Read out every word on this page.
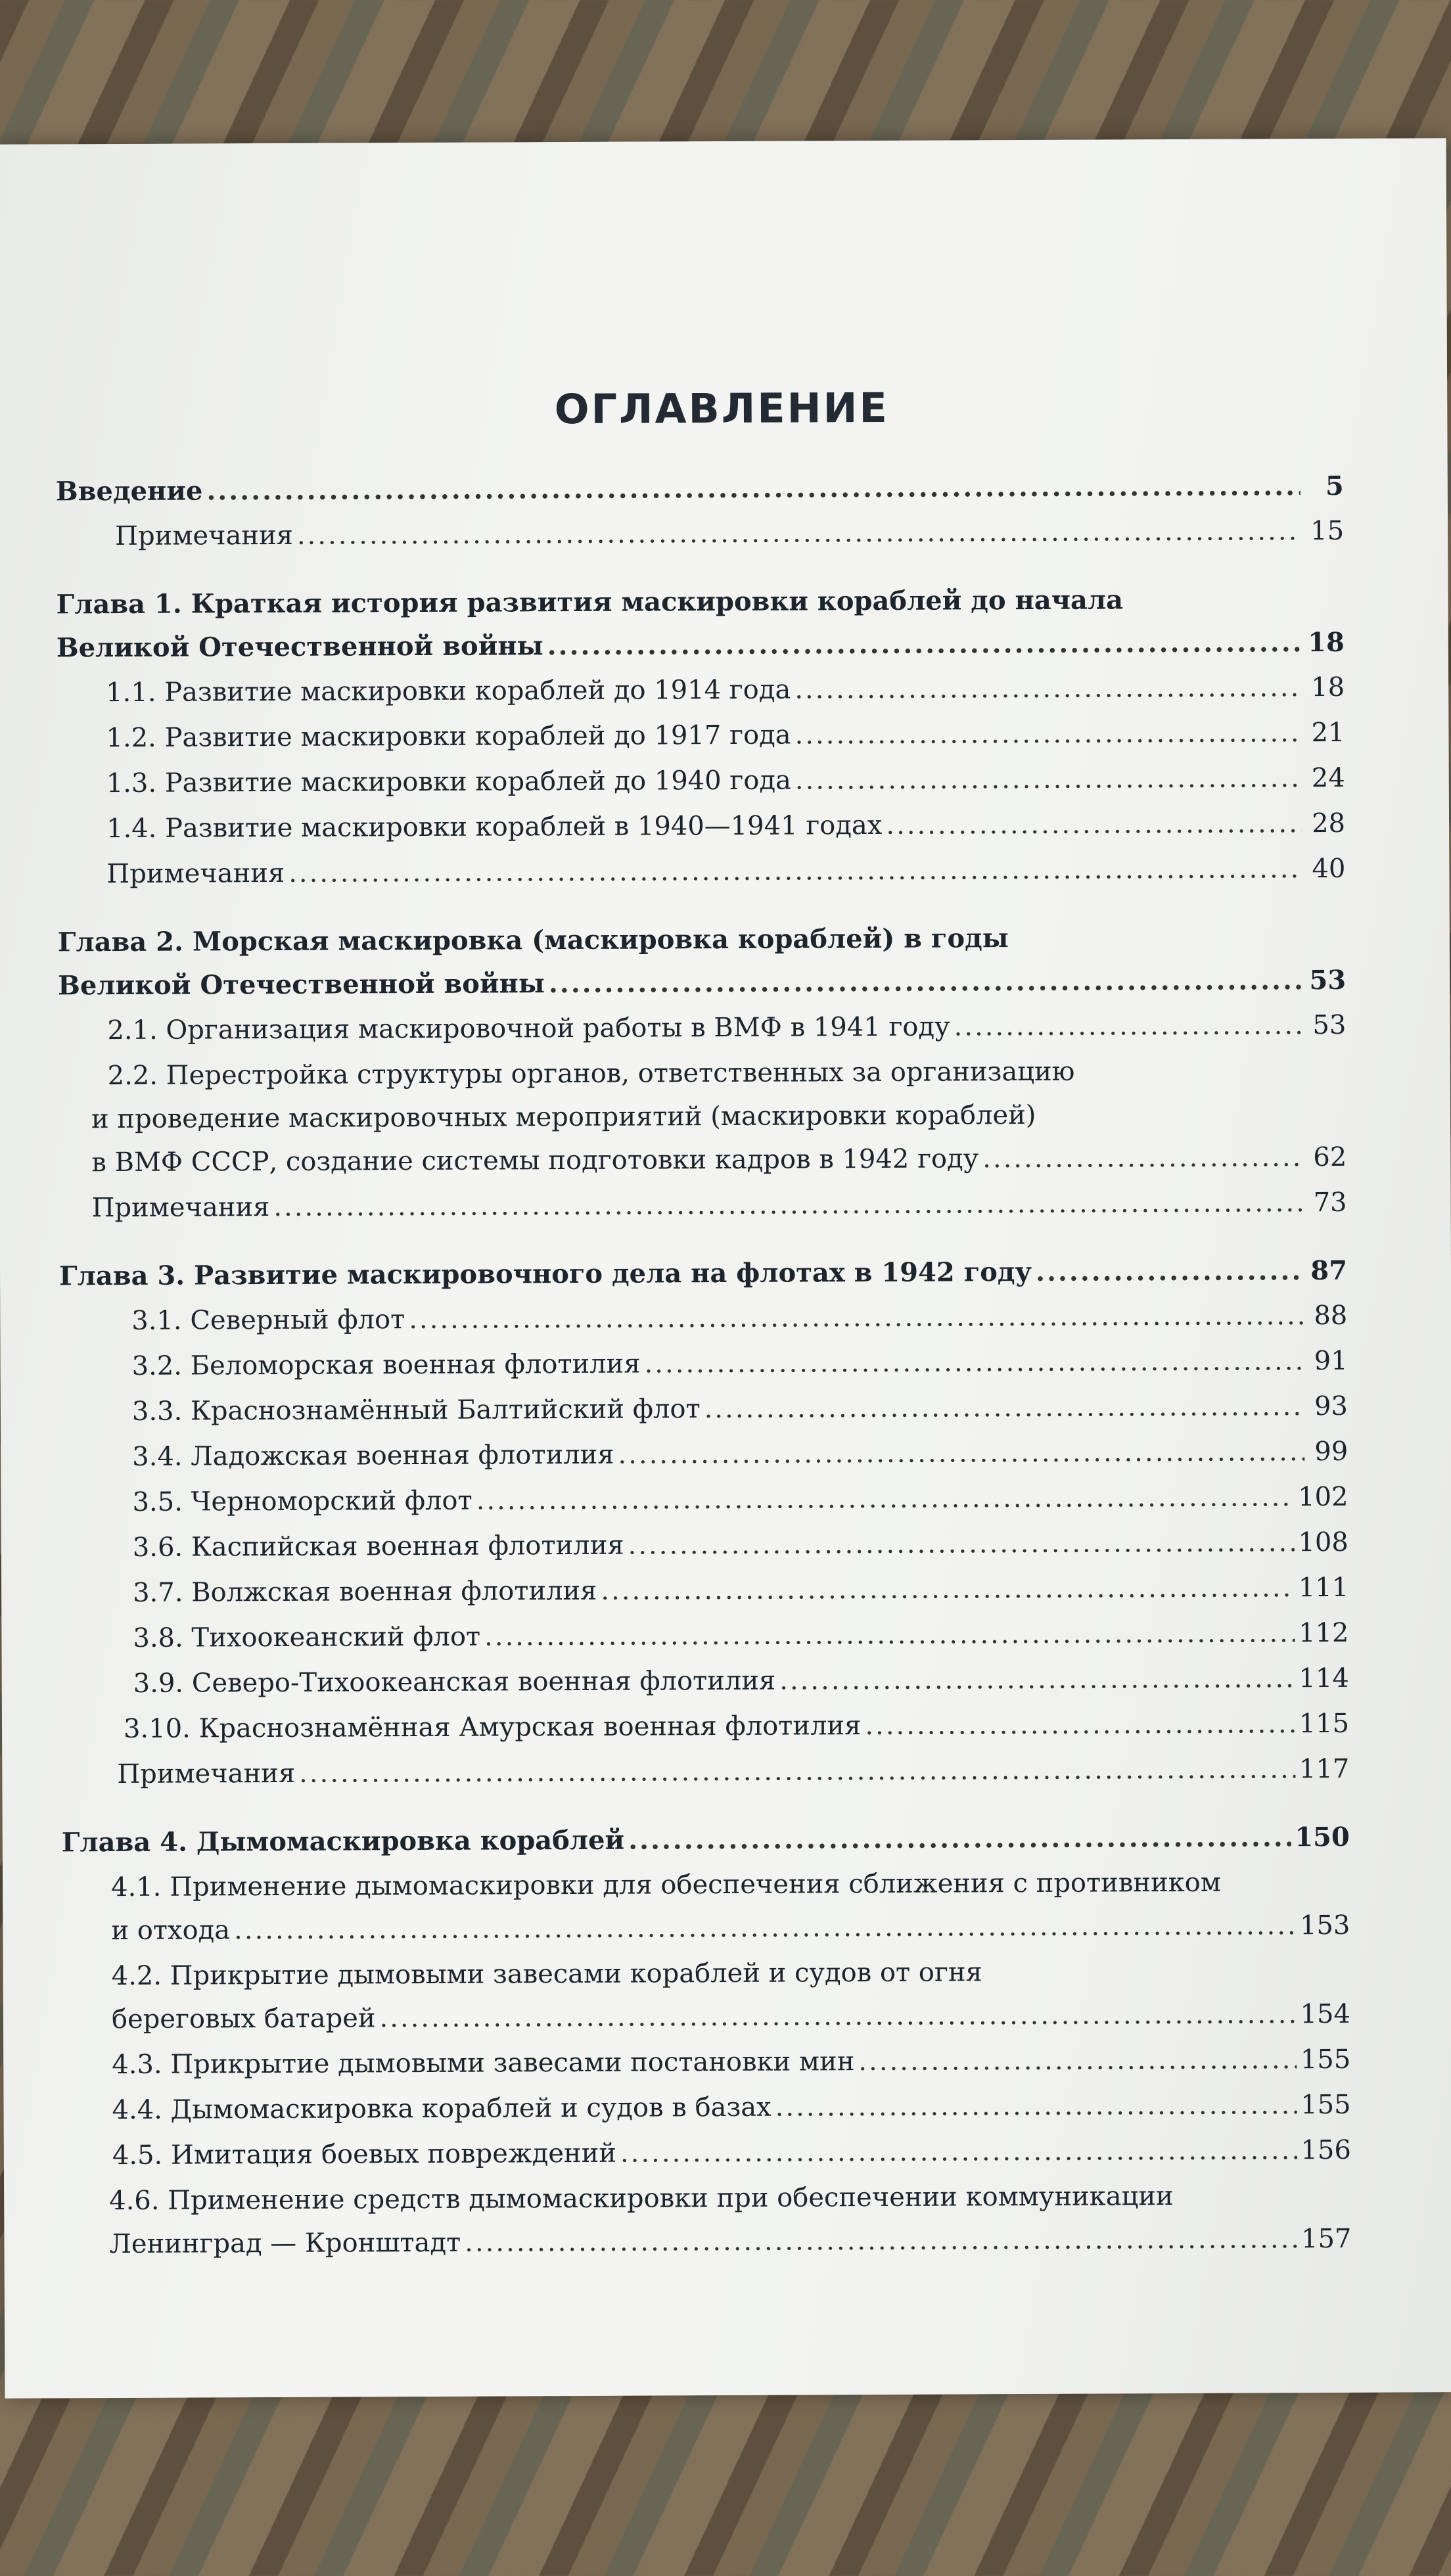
ОГЛАВЛЕНИЕ
Введение .....	5
Примечания .....	15
Глава 1. Краткая история развития маскировки кораблей до начала
Великой Отечественной войны .....	18
1.1. Развитие маскировки кораблей до 1914 года .....	18
1.2. Развитие маскировки кораблей до 1917 года .....	21
1.3. Развитие маскировки кораблей до 1940 года .....	24
1.4. Развитие маскировки кораблей в 1940—1941 годах .....	28
Примечания .....	40
Глава 2. Морская маскировка (маскировка кораблей) в годы
Великой Отечественной войны .....	53
2.1. Организация маскировочной работы в ВМФ в 1941 году .....	53
2.2. Перестройка структуры органов, ответственных за организацию
и проведение маскировочных мероприятий (маскировки кораблей)
в ВМФ СССР, создание системы подготовки кадров в 1942 году .....	62
Примечания .....	73
Глава 3. Развитие маскировочного дела на флотах в 1942 году .....	87
3.1. Северный флот .....	88
3.2. Беломорская военная флотилия .....	91
3.3. Краснознамённый Балтийский флот .....	93
3.4. Ладожская военная флотилия .....	99
3.5. Черноморский флот .....	102
3.6. Каспийская военная флотилия .....	108
3.7. Волжская военная флотилия .....	111
3.8. Тихоокеанский флот .....	112
3.9. Северо-Тихоокеанская военная флотилия .....	114
3.10. Краснознамённая Амурская военная флотилия .....	115
Примечания .....	117
Глава 4. Дымомаскировка кораблей .....	150
4.1. Применение дымомаскировки для обеспечения сближения с противником
и отхода .....	153
4.2. Прикрытие дымовыми завесами кораблей и судов от огня
береговых батарей .....	154
4.3. Прикрытие дымовыми завесами постановки мин .....	155
4.4. Дымомаскировка кораблей и судов в базах .....	155
4.5. Имитация боевых повреждений .....	156
4.6. Применение средств дымомаскировки при обеспечении коммуникации
Ленинград — Кронштадт .....	157
